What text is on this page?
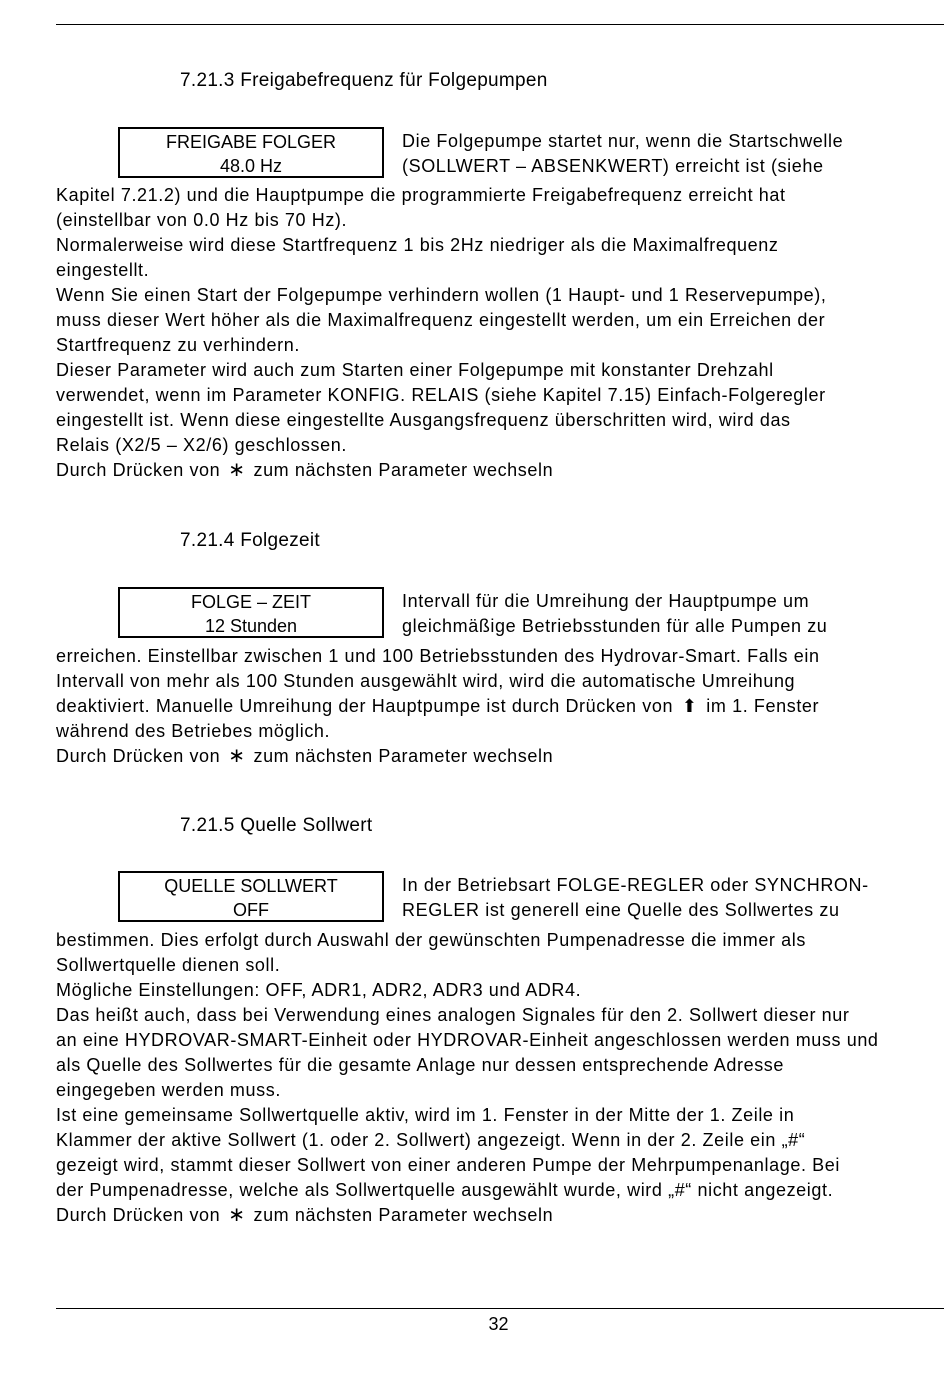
7.21.3 Freigabefrequenz für Folgepumpen
FREIGABE FOLGER
48.0 Hz
Die Folgepumpe startet nur, wenn die Startschwelle
(SOLLWERT – ABSENKWERT) erreicht ist (siehe
Kapitel 7.21.2) und die Hauptpumpe die programmierte Freigabefrequenz erreicht hat
(einstellbar von 0.0 Hz bis 70 Hz).
Normalerweise wird diese Startfrequenz 1 bis 2Hz niedriger als die Maximalfrequenz
eingestellt.
Wenn Sie einen Start der Folgepumpe verhindern wollen (1 Haupt- und 1 Reservepumpe),
muss dieser Wert höher als die Maximalfrequenz eingestellt werden, um ein Erreichen der
Startfrequenz zu verhindern.
Dieser Parameter wird auch zum Starten einer Folgepumpe mit konstanter Drehzahl
verwendet, wenn im Parameter KONFIG. RELAIS (siehe Kapitel 7.15) Einfach-Folgeregler
eingestellt ist. Wenn diese eingestellte Ausgangsfrequenz überschritten wird, wird das
Relais (X2/5 – X2/6) geschlossen.
Durch Drücken von ∗ zum nächsten Parameter wechseln
7.21.4 Folgezeit
FOLGE – ZEIT
12 Stunden
Intervall für die Umreihung der Hauptpumpe um
gleichmäßige Betriebsstunden für alle Pumpen zu
erreichen. Einstellbar zwischen 1 und 100 Betriebsstunden des Hydrovar-Smart. Falls ein
Intervall von mehr als 100 Stunden ausgewählt wird, wird die automatische Umreihung
deaktiviert. Manuelle Umreihung der Hauptpumpe ist durch Drücken von ⬆ im 1. Fenster
während des Betriebes möglich.
Durch Drücken von ∗ zum nächsten Parameter wechseln
7.21.5 Quelle Sollwert
QUELLE SOLLWERT
OFF
In der Betriebsart FOLGE-REGLER oder SYNCHRON-
REGLER ist generell eine Quelle des Sollwertes zu
bestimmen. Dies erfolgt durch Auswahl der gewünschten Pumpenadresse die immer als
Sollwertquelle dienen soll.
Mögliche Einstellungen: OFF, ADR1, ADR2, ADR3 und ADR4.
Das heißt auch, dass bei Verwendung eines analogen Signales für den 2. Sollwert dieser nur
an eine HYDROVAR-SMART-Einheit oder HYDROVAR-Einheit angeschlossen werden muss und
als Quelle des Sollwertes für die gesamte Anlage nur dessen entsprechende Adresse
eingegeben werden muss.
Ist eine gemeinsame Sollwertquelle aktiv, wird im 1. Fenster in der Mitte der 1. Zeile in
Klammer der aktive Sollwert (1. oder 2. Sollwert) angezeigt. Wenn in der 2. Zeile ein „#“
gezeigt wird, stammt dieser Sollwert von einer anderen Pumpe der Mehrpumpenanlage. Bei
der Pumpenadresse, welche als Sollwertquelle ausgewählt wurde, wird „#“ nicht angezeigt.
Durch Drücken von ∗ zum nächsten Parameter wechseln
32
